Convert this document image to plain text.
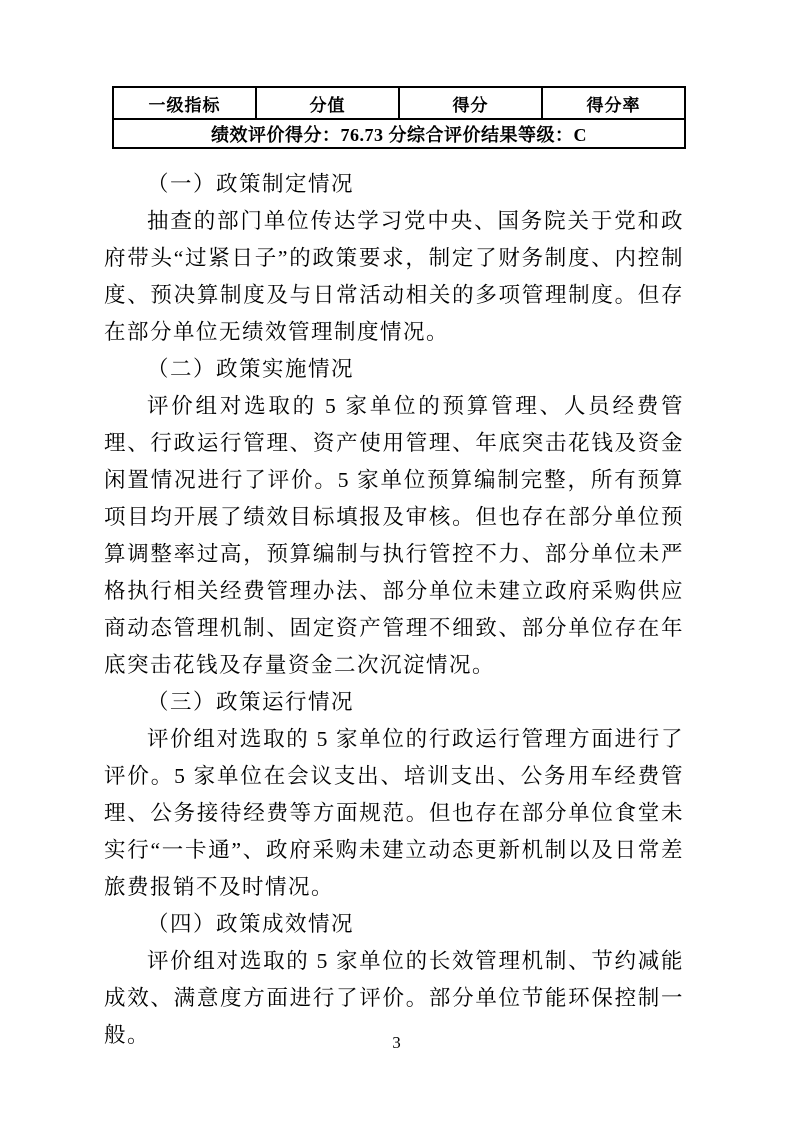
一级指标	分值	得分	得分率
绩效评价得分：76.73 分综合评价结果等级：C
（一）政策制定情况

抽查的部门单位传达学习党中央、国务院关于党和政府带头“过紧日子”的政策要求，制定了财务制度、内控制度、预决算制度及与日常活动相关的多项管理制度。但存在部分单位无绩效管理制度情况。

（二）政策实施情况

评价组对选取的 5 家单位的预算管理、人员经费管理、行政运行管理、资产使用管理、年底突击花钱及资金闲置情况进行了评价。5 家单位预算编制完整，所有预算项目均开展了绩效目标填报及审核。但也存在部分单位预算调整率过高，预算编制与执行管控不力、部分单位未严格执行相关经费管理办法、部分单位未建立政府采购供应商动态管理机制、固定资产管理不细致、部分单位存在年底突击花钱及存量资金二次沉淀情况。

（三）政策运行情况

评价组对选取的 5 家单位的行政运行管理方面进行了评价。5 家单位在会议支出、培训支出、公务用车经费管理、公务接待经费等方面规范。但也存在部分单位食堂未实行“一卡通”、政府采购未建立动态更新机制以及日常差旅费报销不及时情况。

（四）政策成效情况

评价组对选取的 5 家单位的长效管理机制、节约减能成效、满意度方面进行了评价。部分单位节能环保控制一般。	3
